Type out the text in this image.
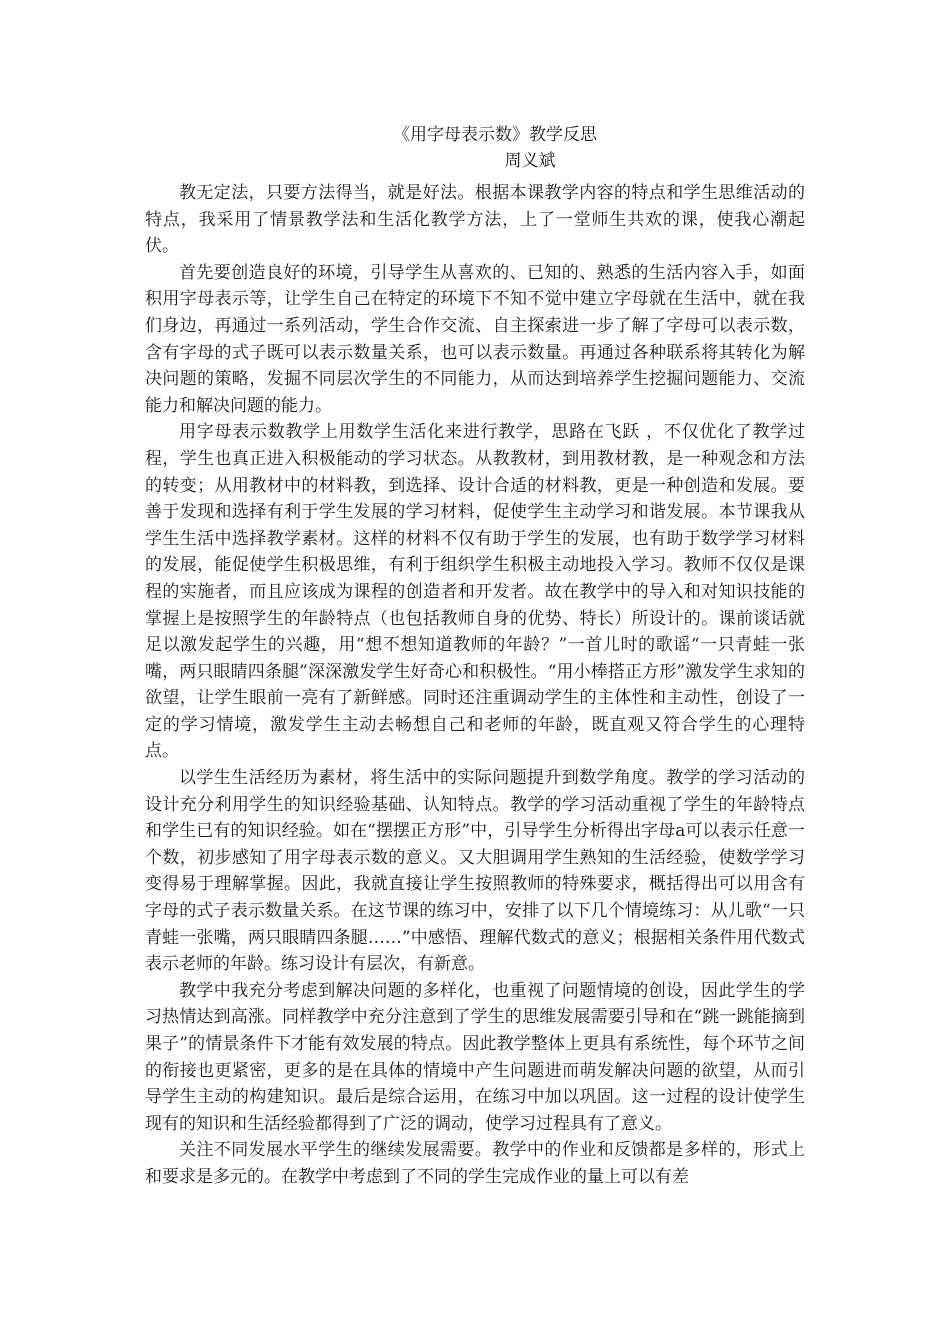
《用字母表示数》教学反思
周义斌

教无定法，只要方法得当，就是好法。根据本课教学内容的特点和学生思维活动的特点，我采用了情景教学法和生活化教学方法，上了一堂师生共欢的课，使我心潮起伏。

首先要创造良好的环境，引导学生从喜欢的、已知的、熟悉的生活内容入手，如面积用字母表示等，让学生自己在特定的环境下不知不觉中建立字母就在生活中，就在我们身边，再通过一系列活动，学生合作交流、自主探索进一步了解了字母可以表示数，含有字母的式子既可以表示数量关系，也可以表示数量。再通过各种联系将其转化为解决问题的策略，发掘不同层次学生的不同能力，从而达到培养学生挖掘问题能力、交流能力和解决问题的能力。

用字母表示数教学上用数学生活化来进行教学，思路在飞跃 ，不仅优化了教学过程，学生也真正进入积极能动的学习状态。从教教材，到用教材教，是一种观念和方法的转变；从用教材中的材料教，到选择、设计合适的材料教，更是一种创造和发展。要善于发现和选择有利于学生发展的学习材料，促使学生主动学习和谐发展。本节课我从学生生活中选择教学素材。这样的材料不仅有助于学生的发展，也有助于数学学习材料的发展，能促使学生积极思维，有利于组织学生积极主动地投入学习。教师不仅仅是课程的实施者，而且应该成为课程的创造者和开发者。故在教学中的导入和对知识技能的掌握上是按照学生的年龄特点（也包括教师自身的优势、特长）所设计的。课前谈话就足以激发起学生的兴趣，用“想不想知道教师的年龄？”一首儿时的歌谣“一只青蛙一张嘴，两只眼睛四条腿”深深激发学生好奇心和积极性。“用小棒搭正方形”激发学生求知的欲望，让学生眼前一亮有了新鲜感。同时还注重调动学生的主体性和主动性，创设了一定的学习情境，激发学生主动去畅想自己和老师的年龄，既直观又符合学生的心理特点。

以学生生活经历为素材，将生活中的实际问题提升到数学角度。教学的学习活动的设计充分利用学生的知识经验基础、认知特点。教学的学习活动重视了学生的年龄特点和学生已有的知识经验。如在“摆摆正方形”中，引导学生分析得出字母a可以表示任意一个数，初步感知了用字母表示数的意义。又大胆调用学生熟知的生活经验，使数学学习变得易于理解掌握。因此，我就直接让学生按照教师的特殊要求，概括得出可以用含有字母的式子表示数量关系。在这节课的练习中，安排了以下几个情境练习：从儿歌“一只青蛙一张嘴，两只眼睛四条腿……”中感悟、理解代数式的意义；根据相关条件用代数式表示老师的年龄。练习设计有层次，有新意。

教学中我充分考虑到解决问题的多样化，也重视了问题情境的创设，因此学生的学习热情达到高涨。同样教学中充分注意到了学生的思维发展需要引导和在“跳一跳能摘到果子”的情景条件下才能有效发展的特点。因此教学整体上更具有系统性，每个环节之间的衔接也更紧密，更多的是在具体的情境中产生问题进而萌发解决问题的欲望，从而引导学生主动的构建知识。最后是综合运用，在练习中加以巩固。这一过程的设计使学生现有的知识和生活经验都得到了广泛的调动，使学习过程具有了意义。

关注不同发展水平学生的继续发展需要。教学中的作业和反馈都是多样的，形式上和要求是多元的。在教学中考虑到了不同的学生完成作业的量上可以有差
